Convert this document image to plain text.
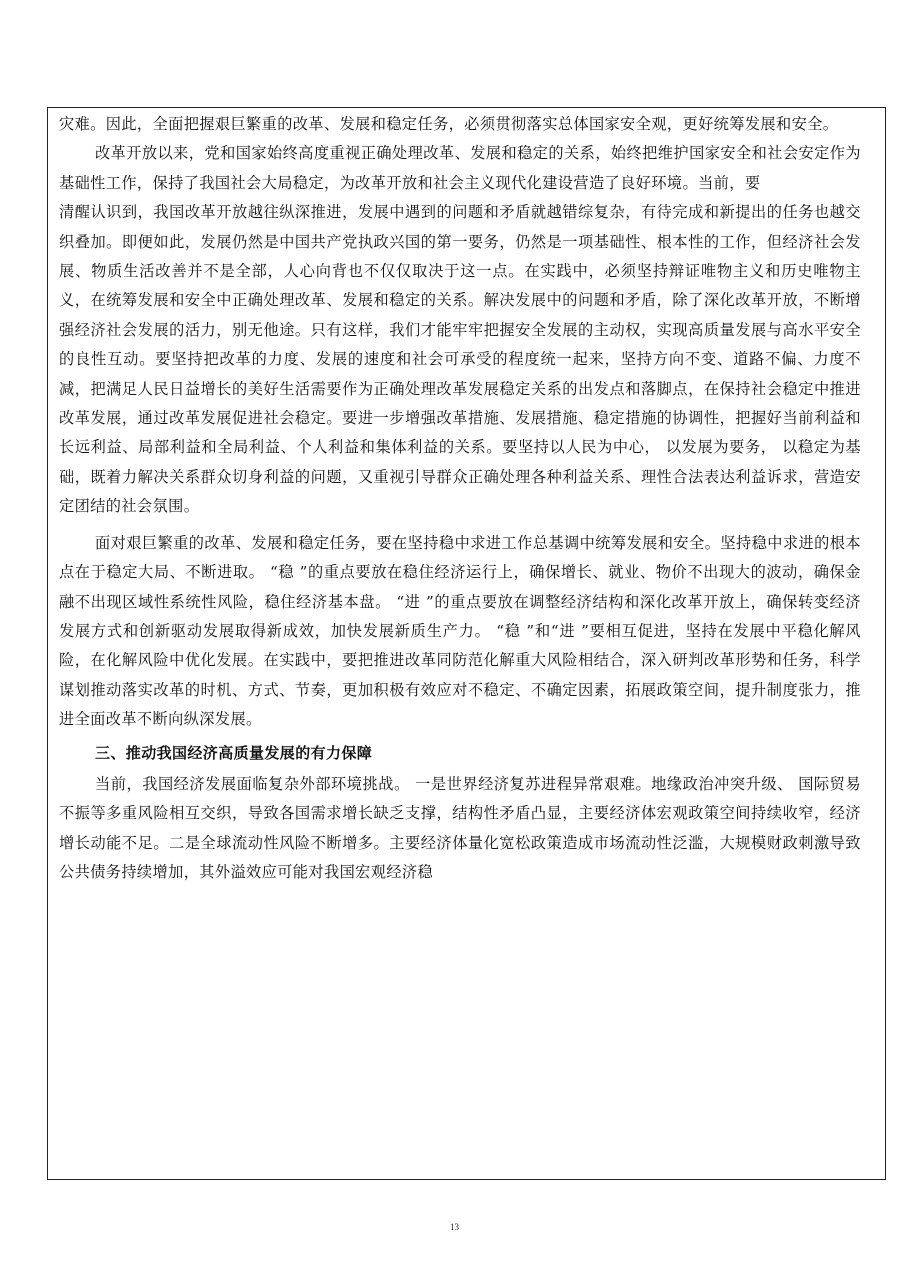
灾难。因此，全面把握艰巨繁重的改革、发展和稳定任务，必须贯彻落实总体国家安全观，更好统筹发展和安全。

改革开放以来，党和国家始终高度重视正确处理改革、发展和稳定的关系，始终把维护国家安全和社会安定作为基础性工作，保持了我国社会大局稳定，为改革开放和社会主义现代化建设营造了良好环境。当前，要

清醒认识到，我国改革开放越往纵深推进，发展中遇到的问题和矛盾就越错综复杂，有待完成和新提出的任务也越交织叠加。即便如此，发展仍然是中国共产党执政兴国的第一要务，仍然是一项基础性、根本性的工作，但经济社会发展、物质生活改善并不是全部，人心向背也不仅仅取决于这一点。在实践中，必须坚持辩证唯物主义和历史唯物主义，在统筹发展和安全中正确处理改革、发展和稳定的关系。解决发展中的问题和矛盾，除了深化改革开放，不断增强经济社会发展的活力，别无他途。只有这样，我们才能牢牢把握安全发展的主动权，实现高质量发展与高水平安全的良性互动。要坚持把改革的力度、发展的速度和社会可承受的程度统一起来，坚持方向不变、道路不偏、力度不减，把满足人民日益增长的美好生活需要作为正确处理改革发展稳定关系的出发点和落脚点，在保持社会稳定中推进改革发展，通过改革发展促进社会稳定。要进一步增强改革措施、发展措施、稳定措施的协调性，把握好当前利益和长远利益、局部利益和全局利益、个人利益和集体利益的关系。要坚持以人民为中心， 以发展为要务， 以稳定为基础，既着力解决关系群众切身利益的问题，又重视引导群众正确处理各种利益关系、理性合法表达利益诉求，营造安定团结的社会氛围。

面对艰巨繁重的改革、发展和稳定任务，要在坚持稳中求进工作总基调中统筹发展和安全。坚持稳中求进的根本点在于稳定大局、不断进取。 “稳 ”的重点要放在稳住经济运行上，确保增长、就业、物价不出现大的波动，确保金融不出现区域性系统性风险，稳住经济基本盘。 “进 ”的重点要放在调整经济结构和深化改革开放上，确保转变经济发展方式和创新驱动发展取得新成效，加快发展新质生产力。 “稳 ”和“进 ”要相互促进，坚持在发展中平稳化解风险，在化解风险中优化发展。在实践中，要把推进改革同防范化解重大风险相结合，深入研判改革形势和任务，科学谋划推动落实改革的时机、方式、节奏，更加积极有效应对不稳定、不确定因素，拓展政策空间，提升制度张力，推进全面改革不断向纵深发展。

三、推动我国经济高质量发展的有力保障

当前，我国经济发展面临复杂外部环境挑战。 一是世界经济复苏进程异常艰难。地缘政治冲突升级、 国际贸易不振等多重风险相互交织，导致各国需求增长缺乏支撑，结构性矛盾凸显，主要经济体宏观政策空间持续收窄，经济增长动能不足。二是全球流动性风险不断增多。主要经济体量化宽松政策造成市场流动性泛滥，大规模财政刺激导致公共债务持续增加，其外溢效应可能对我国宏观经济稳

13
